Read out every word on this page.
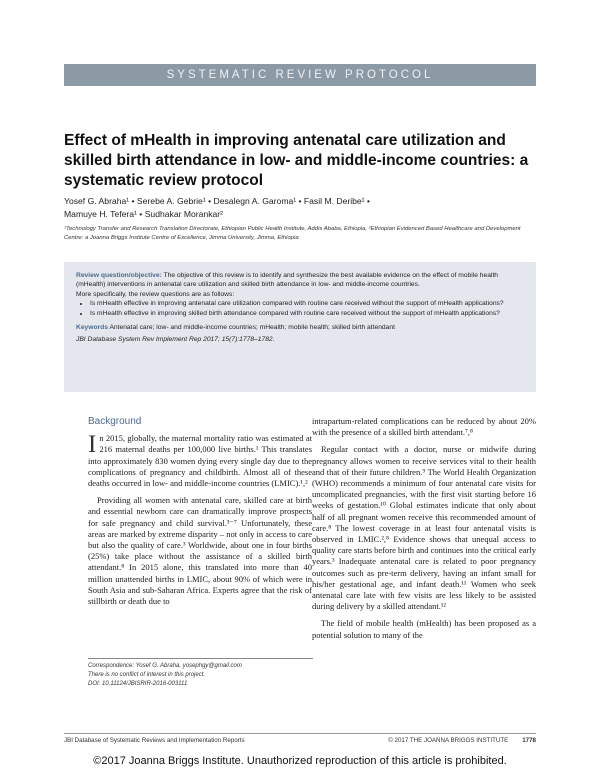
SYSTEMATIC REVIEW PROTOCOL
Effect of mHealth in improving antenatal care utilization and skilled birth attendance in low- and middle-income countries: a systematic review protocol
Yosef G. Abraha¹ • Serebe A. Gebrie¹ • Desalegn A. Garoma¹ • Fasil M. Deribe¹ •
Mamuye H. Tefera¹ • Sudhakar Morankar²
¹Technology Transfer and Research Translation Directorate, Ethiopian Public Health Institute, Addis Ababa, Ethiopia, ²Ethiopian Evidenced Based Healthcare and Development Centre: a Joanna Briggs Institute Centre of Excellence, Jimma University, Jimma, Ethiopia
Review question/objective: The objective of this review is to identify and synthesize the best available evidence on the effect of mobile health (mHealth) interventions in antenatal care utilization and skilled birth attendance in low- and middle-income countries.
More specifically, the review questions are as follows:
• Is mHealth effective in improving antenatal care utilization compared with routine care received without the support of mHealth applications?
• Is mHealth effective in improving skilled birth attendance compared with routine care received without the support of mHealth applications?
Keywords Antenatal care; low- and middle-income countries; mHealth; mobile health; skilled birth attendant
JBI Database System Rev Implement Rep 2017; 15(7):1778–1782.
Background

In 2015, globally, the maternal mortality ratio was estimated at 216 maternal deaths per 100,000 live births.¹ This translates into approximately 830 women dying every single day due to the complications of pregnancy and childbirth. Almost all of these deaths occurred in low- and middle-income countries (LMIC).¹,²

Providing all women with antenatal care, skilled care at birth and essential newborn care can dramatically improve prospects for safe pregnancy and child survival.³⁻⁷ Unfortunately, these areas are marked by extreme disparity – not only in access to care but also the quality of care.³ Worldwide, about one in four births (25%) take place without the assistance of a skilled birth attendant.⁸ In 2015 alone, this translated into more than 40 million unattended births in LMIC, about 90% of which were in South Asia and sub-Saharan Africa. Experts agree that the risk of stillbirth or death due to

intrapartum-related complications can be reduced by about 20% with the presence of a skilled birth attendant.⁷,⁸

Regular contact with a doctor, nurse or midwife during pregnancy allows women to receive services vital to their health and that of their future children.⁹ The World Health Organization (WHO) recommends a minimum of four antenatal care visits for uncomplicated pregnancies, with the first visit starting before 16 weeks of gestation.¹⁰ Global estimates indicate that only about half of all pregnant women receive this recommended amount of care.⁸ The lowest coverage in at least four antenatal visits is observed in LMIC.²,⁸ Evidence shows that unequal access to quality care starts before birth and continues into the critical early years.³ Inadequate antenatal care is related to poor pregnancy outcomes such as pre-term delivery, having an infant small for his/her gestational age, and infant death.¹¹ Women who seek antenatal care late with few visits are less likely to be assisted during delivery by a skilled attendant.¹²

The field of mobile health (mHealth) has been proposed as a potential solution to many of the

Correspondence: Yosef G. Abraha, yosephgy@gmail.com
There is no conflict of interest in this project.
DOI: 10.11124/JBISRIR-2016-003111
JBI Database of Systematic Reviews and Implementation Reports	© 2017 THE JOANNA BRIGGS INSTITUTE 1778
©2017 Joanna Briggs Institute. Unauthorized reproduction of this article is prohibited.
